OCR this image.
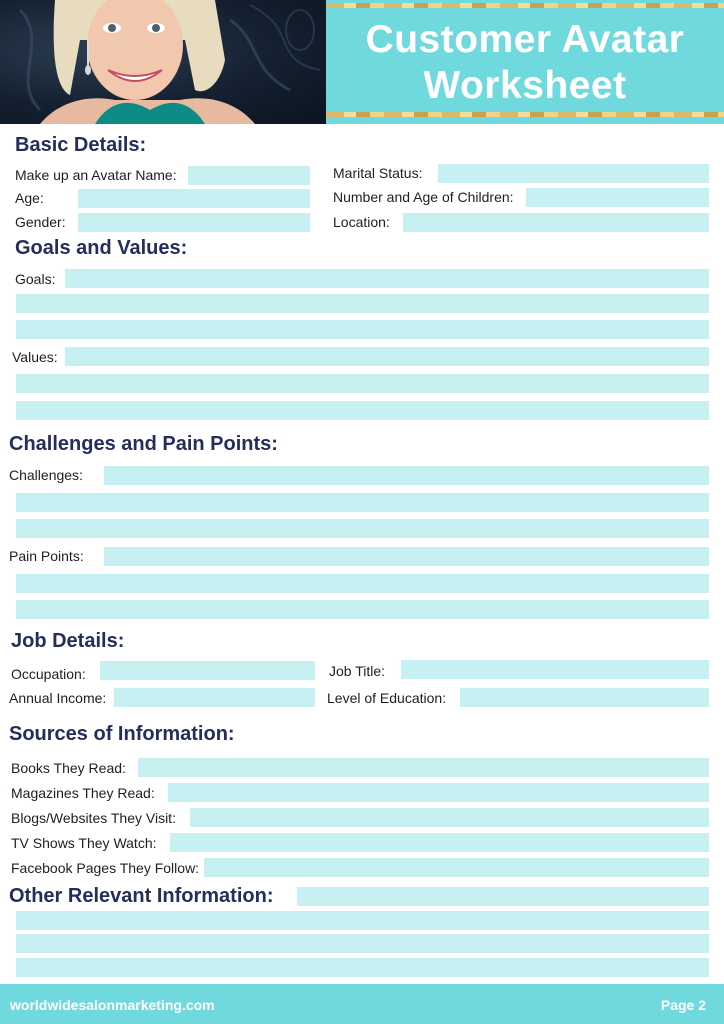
Customer Avatar
Worksheet
Basic Details:
Make up an Avatar Name:
Age:
Gender:
Marital Status:
Number and Age of Children:
Location:
Goals and Values:
Goals:
Values:
Challenges and Pain Points:
Challenges:
Pain Points:
Job Details:
Occupation:
Annual Income:
Job Title:
Level of Education:
Sources of Information:
Books They Read:
Magazines They Read:
Blogs/Websites They Visit:
TV Shows They Watch:
Facebook Pages They Follow:
Other Relevant Information:
worldwidesalonmarketing.com	Page 2
